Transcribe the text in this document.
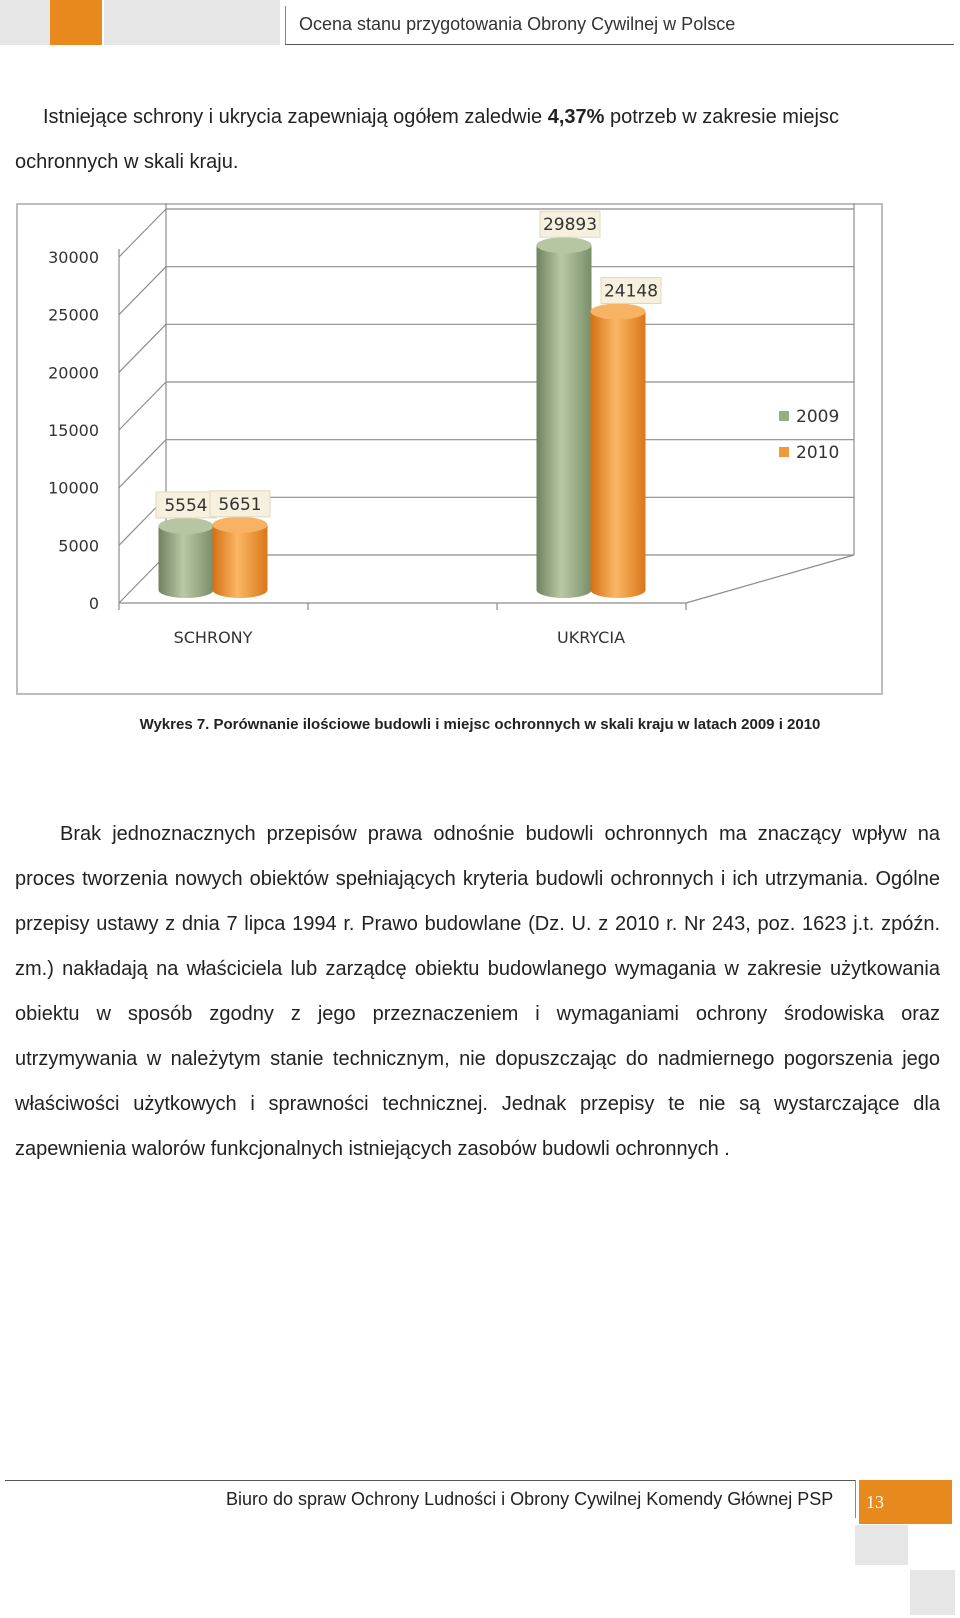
Ocena stanu przygotowania Obrony Cywilnej w Polsce
Istniejące schrony i ukrycia zapewniają ogółem zaledwie 4,37% potrzeb w zakresie miejsc ochronnych w skali kraju.
0
5000
10000
15000
20000
25000
30000
5554 5651
SCHRONY
29893
24148
UKRYCIA
2009
2010
Wykres 7. Porównanie ilościowe budowli i miejsc ochronnych w skali kraju w latach 2009 i 2010
Brak jednoznacznych przepisów prawa odnośnie budowli ochronnych ma znaczący wpływ na proces tworzenia nowych obiektów spełniających kryteria budowli ochronnych i ich utrzymania. Ogólne przepisy ustawy z dnia 7 lipca 1994 r. Prawo budowlane (Dz. U. z 2010 r. Nr 243, poz. 1623 j.t. zpóźn. zm.) nakładają na właściciela lub zarządcę obiektu budowlanego wymagania w zakresie użytkowania obiektu w sposób zgodny z jego przeznaczeniem i wymaganiami ochrony środowiska oraz utrzymywania w należytym stanie technicznym, nie dopuszczając do nadmiernego pogorszenia jego właściwości użytkowych i sprawności technicznej. Jednak przepisy te nie są wystarczające dla zapewnienia walorów funkcjonalnych istniejących zasobów budowli ochronnych .
Biuro do spraw Ochrony Ludności i Obrony Cywilnej Komendy Głównej PSP	13
